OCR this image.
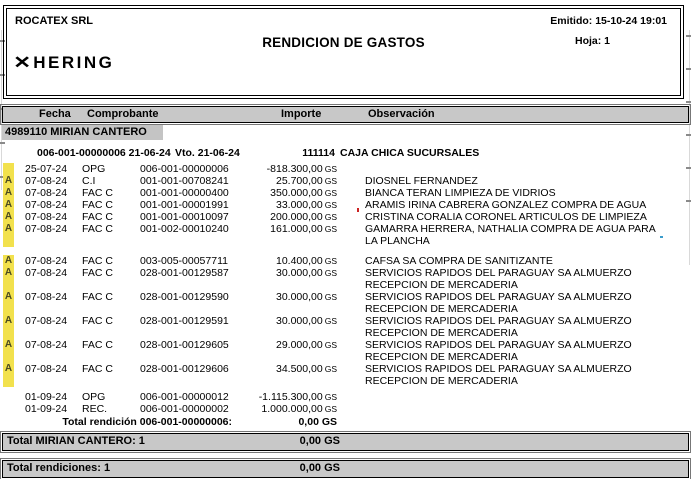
ROCATEX SRL
RENDICION DE GASTOS
Emitido: 15-10-24 19:01
Hoja: 1
✕ HERING
Fecha Comprobante	Importe	Observación
4989110 MIRIAN CANTERO
006-001-00000006 21-06-24 Vto. 21-06-24	111114 CAJA CHICA SUCURSALES
25-07-24 OPG	006-001-00000006	-818.300,00 GS
A 07-08-24 C.I	001-001-00708241	25.700,00 GS	DIOSNEL FERNANDEZ
A 07-08-24 FAC C	001-001-00000400	350.000,00 GS	BIANCA TERAN LIMPIEZA DE VIDRIOS
A 07-08-24 FAC C	001-001-00001991	33.000,00 GS	ARAMIS IRINA CABRERA GONZALEZ COMPRA DE AGUA
A 07-08-24 FAC C	001-001-00010097	200.000,00 GS	CRISTINA CORALIA CORONEL ARTICULOS DE LIMPIEZA
A 07-08-24 FAC C	001-002-00010240	161.000,00 GS	GAMARRA HERRERA, NATHALIA COMPRA DE AGUA PARA
LA PLANCHA
A 07-08-24 FAC C	003-005-00057711	10.400,00 GS	CAFSA SA COMPRA DE SANITIZANTE
A 07-08-24 FAC C	028-001-00129587	30.000,00 GS	SERVICIOS RAPIDOS DEL PARAGUAY SA ALMUERZO
RECEPCION DE MERCADERIA
A 07-08-24 FAC C	028-001-00129590	30.000,00 GS	SERVICIOS RAPIDOS DEL PARAGUAY SA ALMUERZO
RECEPCION DE MERCADERIA
A 07-08-24 FAC C	028-001-00129591	30.000,00 GS	SERVICIOS RAPIDOS DEL PARAGUAY SA ALMUERZO
RECEPCION DE MERCADERIA
A 07-08-24 FAC C	028-001-00129605	29.000,00 GS	SERVICIOS RAPIDOS DEL PARAGUAY SA ALMUERZO
RECEPCION DE MERCADERIA
A 07-08-24 FAC C	028-001-00129606	34.500,00 GS	SERVICIOS RAPIDOS DEL PARAGUAY SA ALMUERZO
RECEPCION DE MERCADERIA
01-09-24 OPG	006-001-00000012	-1.115.300,00 GS
01-09-24 REC.	006-001-00000002	1.000.000,00 GS
Total rendición 006-001-00000006:	0,00 GS
Total MIRIAN CANTERO: 1	0,00 GS
Total rendiciones: 1	0,00 GS
